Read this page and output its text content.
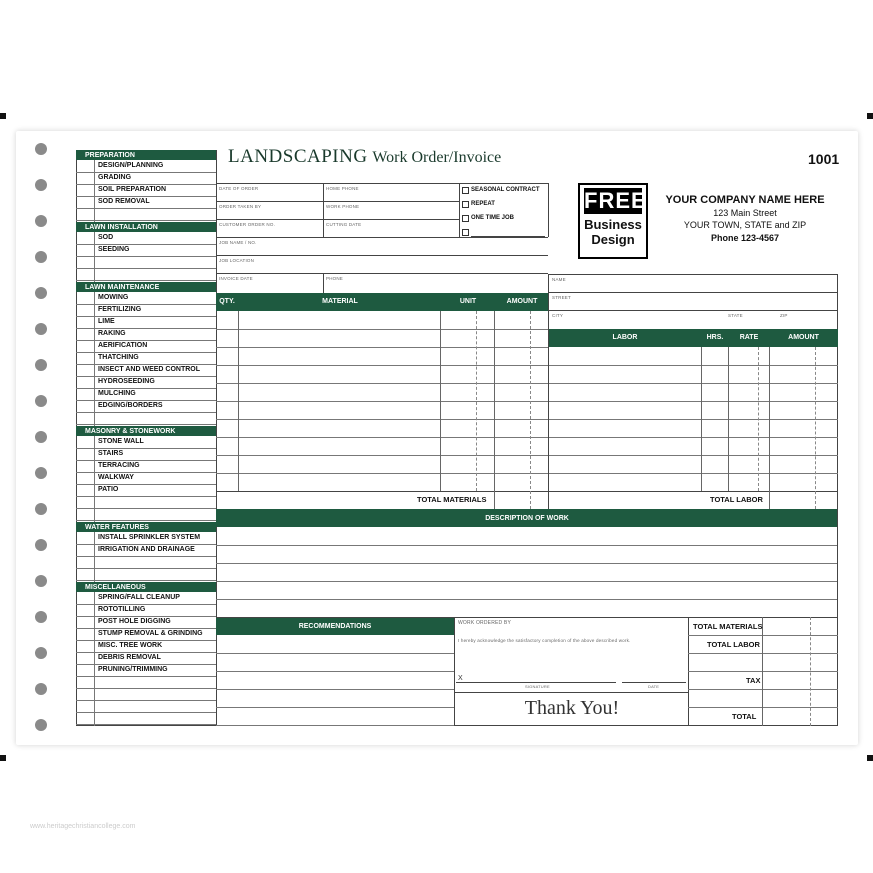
LANDSCAPING Work Order/Invoice	1001
FREE
Business
Design
YOUR COMPANY NAME HERE
123 Main Street
YOUR TOWN, STATE and ZIP
Phone 123-4567
DATE OF ORDER	HOME PHONE
ORDER TAKEN BY	WORK PHONE
CUSTOMER ORDER NO.	CUTTING DATE
JOB NAME / NO.
JOB LOCATION
INVOICE DATE	PHONE
SEASONAL CONTRACT
REPEAT
ONE TIME JOB
NAME
STREET
CITY	STATE	ZIP
PREPARATION
DESIGN/PLANNING
GRADING
SOIL PREPARATION
SOD REMOVAL
LAWN INSTALLATION
SOD
SEEDING
LAWN MAINTENANCE
MOWING
FERTILIZING
LIME
RAKING
AERIFICATION
THATCHING
INSECT AND WEED CONTROL
HYDROSEEDING
MULCHING
EDGING/BORDERS
MASONRY & STONEWORK
STONE WALL
STAIRS
TERRACING
WALKWAY
PATIO
WATER FEATURES
INSTALL SPRINKLER SYSTEM
IRRIGATION AND DRAINAGE
MISCELLANEOUS
SPRING/FALL CLEANUP
ROTOTILLING
POST HOLE DIGGING
STUMP REMOVAL & GRINDING
MISC. TREE WORK
DEBRIS REMOVAL
PRUNING/TRIMMING
QTY.	MATERIAL	UNIT	AMOUNT
TOTAL MATERIALS
LABOR	HRS.	RATE	AMOUNT
TOTAL LABOR
DESCRIPTION OF WORK
RECOMMENDATIONS	WORK ORDERED BY
I hereby acknowledge the satisfactory completion of the above described work.
X
SIGNATURE	DATE
Thank You!
TOTAL MATERIALS
TOTAL LABOR
TAX
TOTAL
www.heritagechristiancollege.com
